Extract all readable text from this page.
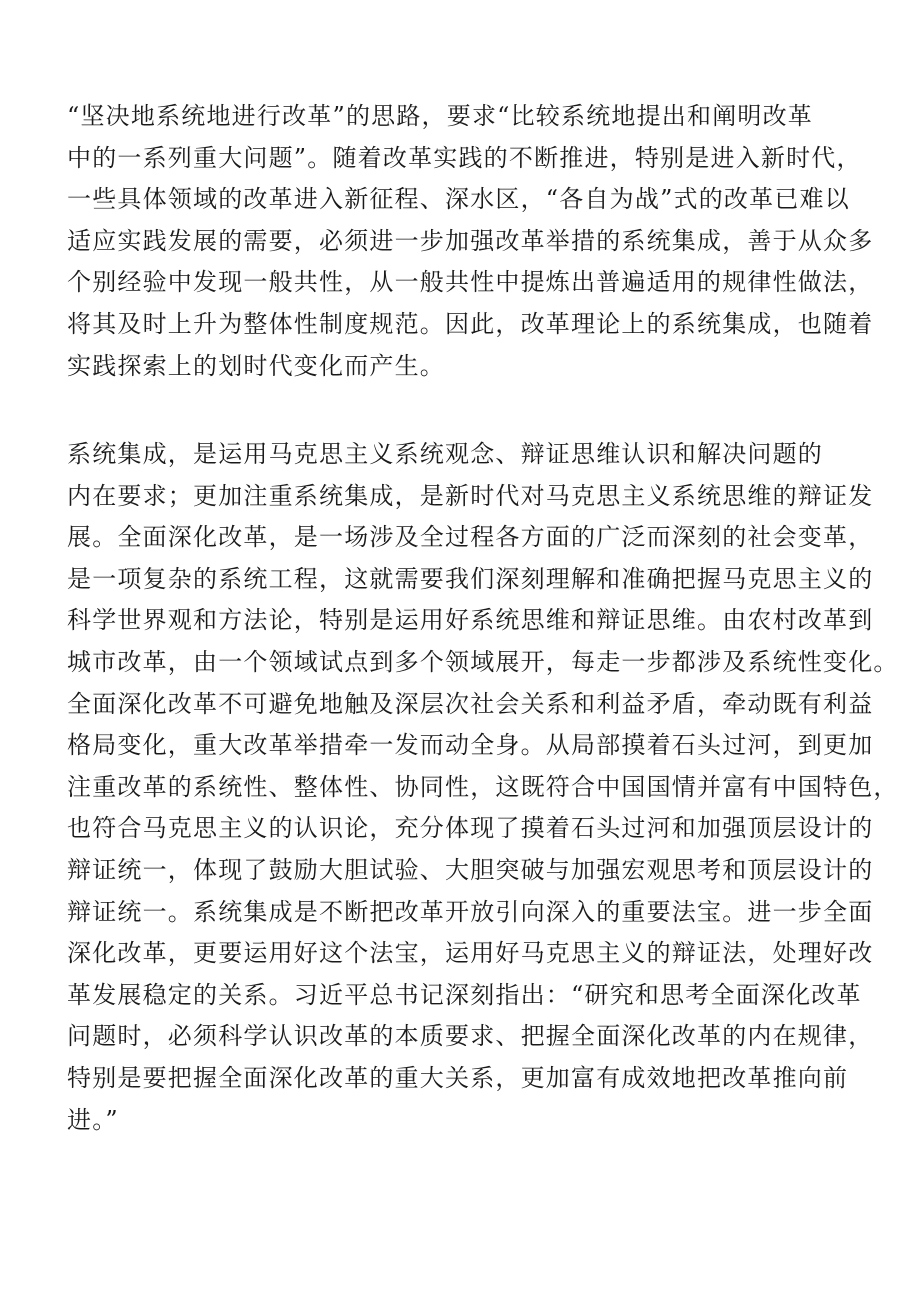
“坚决地系统地进行改革”的思路，要求“比较系统地提出和阐明改革
中的一系列重大问题”。随着改革实践的不断推进，特别是进入新时代，
一些具体领域的改革进入新征程、深水区，“各自为战”式的改革已难以
适应实践发展的需要，必须进一步加强改革举措的系统集成，善于从众多
个别经验中发现一般共性，从一般共性中提炼出普遍适用的规律性做法，
将其及时上升为整体性制度规范。因此，改革理论上的系统集成，也随着
实践探索上的划时代变化而产生。
系统集成，是运用马克思主义系统观念、辩证思维认识和解决问题的
内在要求；更加注重系统集成，是新时代对马克思主义系统思维的辩证发
展。全面深化改革，是一场涉及全过程各方面的广泛而深刻的社会变革，
是一项复杂的系统工程，这就需要我们深刻理解和准确把握马克思主义的
科学世界观和方法论，特别是运用好系统思维和辩证思维。由农村改革到
城市改革，由一个领域试点到多个领域展开，每走一步都涉及系统性变化。
全面深化改革不可避免地触及深层次社会关系和利益矛盾，牵动既有利益
格局变化，重大改革举措牵一发而动全身。从局部摸着石头过河，到更加
注重改革的系统性、整体性、协同性，这既符合中国国情并富有中国特色，
也符合马克思主义的认识论，充分体现了摸着石头过河和加强顶层设计的
辩证统一，体现了鼓励大胆试验、大胆突破与加强宏观思考和顶层设计的
辩证统一。系统集成是不断把改革开放引向深入的重要法宝。进一步全面
深化改革，更要运用好这个法宝，运用好马克思主义的辩证法，处理好改
革发展稳定的关系。习近平总书记深刻指出：“研究和思考全面深化改革
问题时，必须科学认识改革的本质要求、把握全面深化改革的内在规律，
特别是要把握全面深化改革的重大关系，更加富有成效地把改革推向前
进。”
